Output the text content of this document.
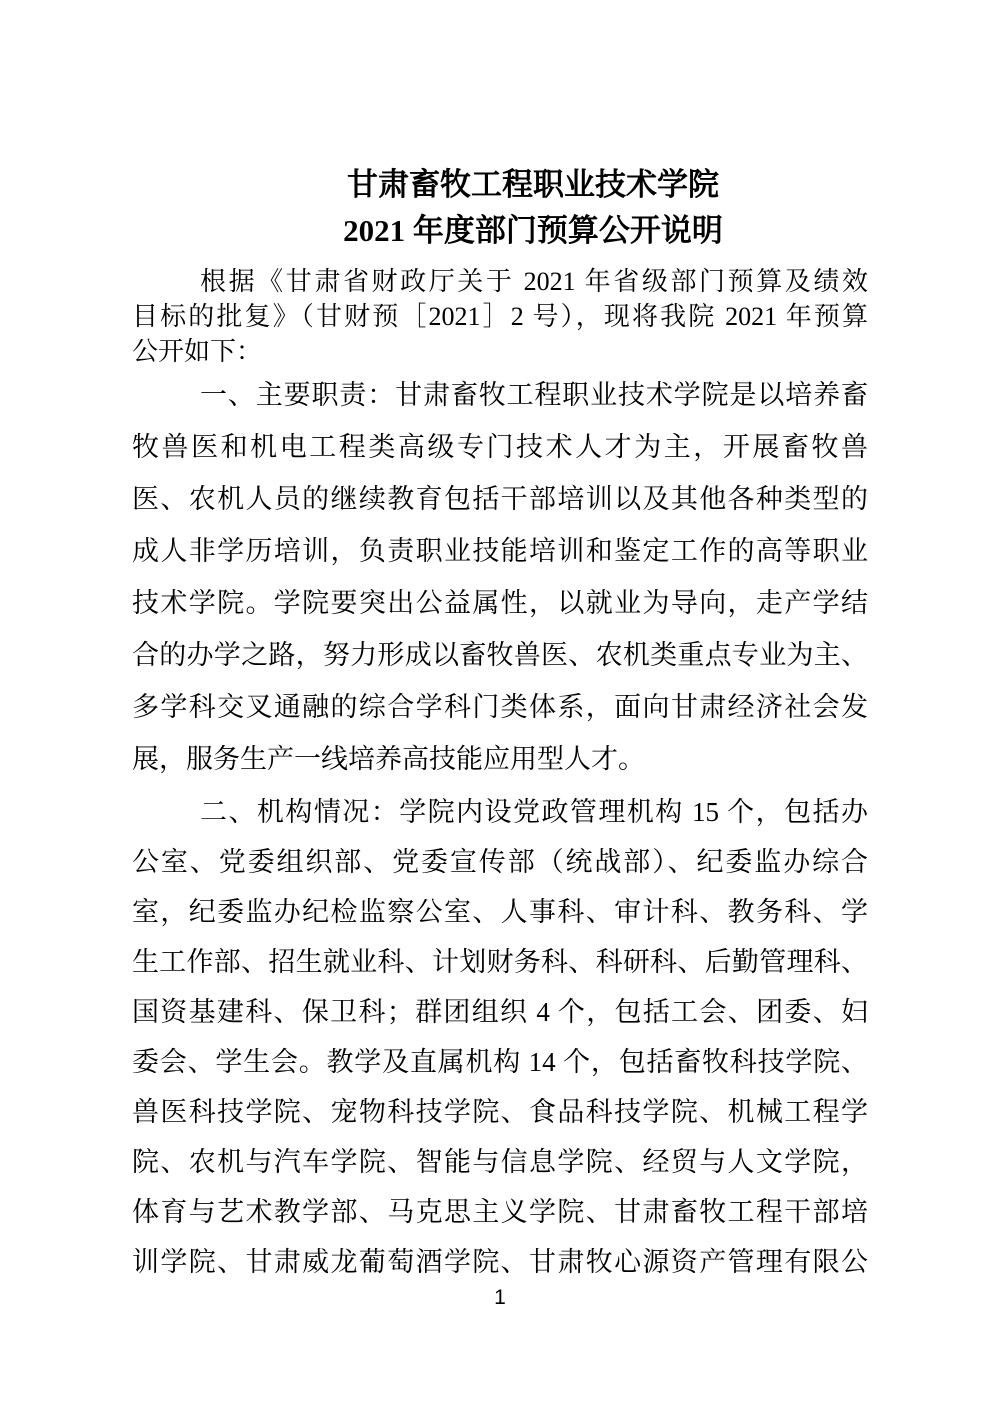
甘肃畜牧工程职业技术学院
2021 年度部门预算公开说明
根据《甘肃省财政厅关于 2021 年省级部门预算及绩效
目标的批复》（甘财预［2021］2 号），现将我院 2021 年预算
公开如下：
一、主要职责：甘肃畜牧工程职业技术学院是以培养畜
牧兽医和机电工程类高级专门技术人才为主，开展畜牧兽
医、农机人员的继续教育包括干部培训以及其他各种类型的
成人非学历培训，负责职业技能培训和鉴定工作的高等职业
技术学院。学院要突出公益属性，以就业为导向，走产学结
合的办学之路，努力形成以畜牧兽医、农机类重点专业为主、
多学科交叉通融的综合学科门类体系，面向甘肃经济社会发
展，服务生产一线培养高技能应用型人才。
二、机构情况：学院内设党政管理机构 15 个，包括办
公室、党委组织部、党委宣传部（统战部）、纪委监办综合
室，纪委监办纪检监察公室、人事科、审计科、教务科、学
生工作部、招生就业科、计划财务科、科研科、后勤管理科、
国资基建科、保卫科；群团组织 4 个，包括工会、团委、妇
委会、学生会。教学及直属机构 14 个，包括畜牧科技学院、
兽医科技学院、宠物科技学院、食品科技学院、机械工程学
院、农机与汽车学院、智能与信息学院、经贸与人文学院，
体育与艺术教学部、马克思主义学院、甘肃畜牧工程干部培
训学院、甘肃威龙葡萄酒学院、甘肃牧心源资产管理有限公
1
